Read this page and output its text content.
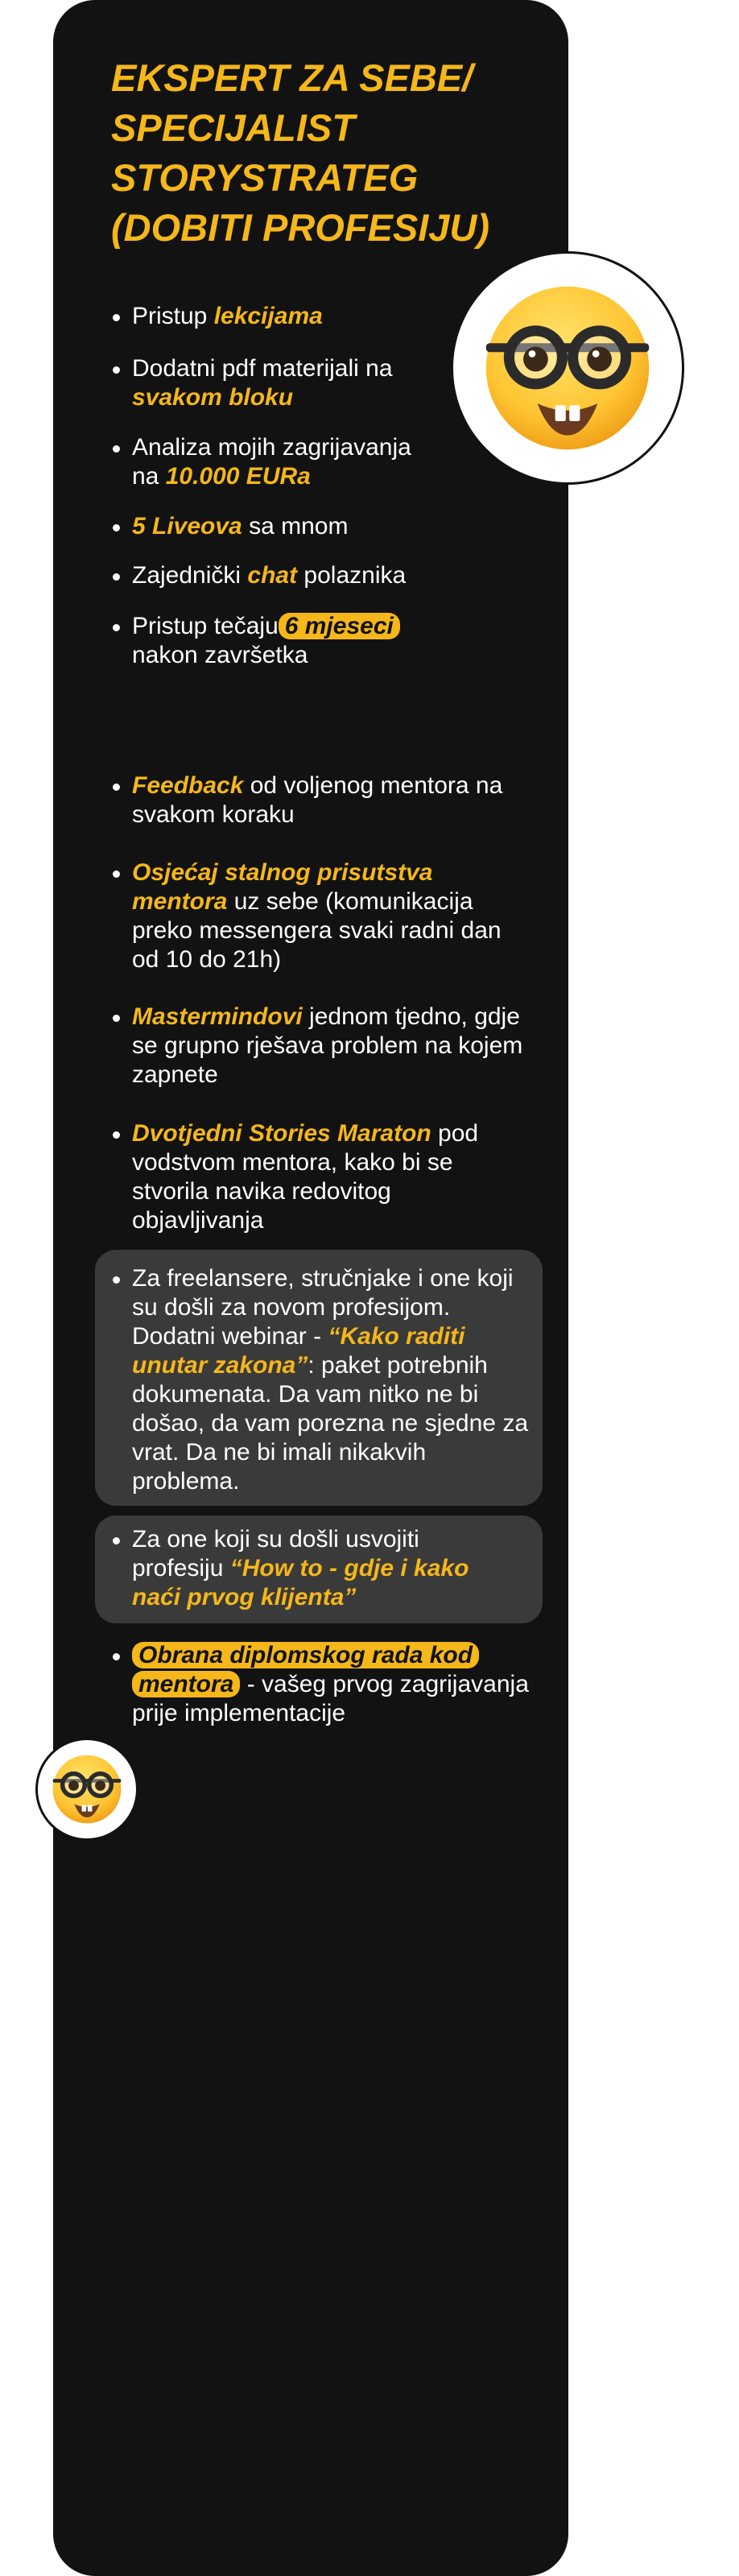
EKSPERT ZA SEBE/ SPECIJALIST STORYSTRATEG (DOBITI PROFESIJU)
Pristup lekcijama
Dodatni pdf materijali na svakom bloku
Analiza mojih zagrijavanja na 10.000 EURa
5 Liveova sa mnom
Zajednički chat polaznika
Pristup tečaju 6 mjeseci nakon završetka
Feedback od voljenog mentora na svakom koraku
Osjećaj stalnog prisutstva mentora uz sebe (komunikacija preko messengera svaki radni dan od 10 do 21h)
Mastermindovi jednom tjedno, gdje se grupno rješava problem na kojem zapnete
Dvotjedni Stories Maraton pod vodstvom mentora, kako bi se stvorila navika redovitog objavljivanja
Za freelansere, stručnjake i one koji su došli za novom profesijom. Dodatni webinar - “Kako raditi unutar zakona”: paket potrebnih dokumenata. Da vam nitko ne bi došao, da vam porezna ne sjedne za vrat. Da ne bi imali nikakvih problema.
Za one koji su došli usvojiti profesiju “How to - gdje i kako naći prvog klijenta”
Obrana diplomskog rada kod mentora - vašeg prvog zagrijavanja prije implementacije
